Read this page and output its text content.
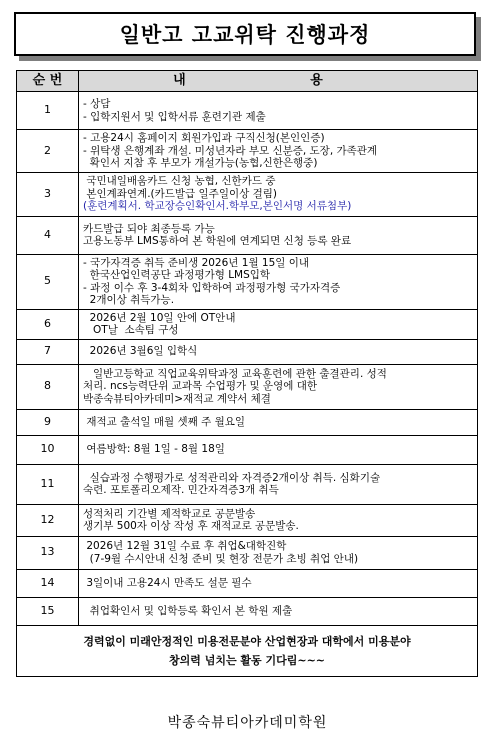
일반고 고교위탁 진행과정
순 번	내 용
1	- 상담
- 입학지원서 및 입학서류 훈련기관 제출

2	- 고용24시 홈페이지 회원가입과 구직신청(본인인증)
- 위탁생 은행계좌 개설. 미성년자라 부모 신분증, 도장, 가족관계
확인서 지참 후 부모가 개설가능(농협,신한은행중)

3	국민내일배움카드 신청 농협, 신한카드 중
본인계좌연계.(카드발급 일주일이상 걸림)
(훈련계획서. 학교장승인확인서.학부모,본인서명 서류첨부)

4	카드발급 되야 최종등록 가능
고용노동부 LMS통하여 본 학원에 연계되면 신청 등록 완료

5	- 국가자격증 취득 준비생 2026년 1월 15일 이내
한국산업인력공단 과정평가형 LMS입학
- 과정 이수 후 3-4회차 입학하여 과정평가형 국가자격증
2개이상 취득가능.

6	2026년 2월 10일 안에 OT안내
OT날  소속팀 구성

7	2026년 3월6일 입학식

8	일반고등학교 직업교육위탁과정 교육훈련에 관한 출결관리. 성적
처리. ncs능력단위 교과목 수업평가 및 운영에 대한
박종숙뷰티아카데미>재적교 계약서 체결

9	재적교 출석일 매월 셋째 주 월요일

10	여름방학: 8월 1일 - 8월 18일

11	실습과정 수행평가로 성적관리와 자격증2개이상 취득. 심화기술
숙련. 포토폴리오제작. 민간자격증3개 취득

12	성적처리 기간별 제적학교로 공문발송
생기부 500자 이상 작성 후 재적교로 공문발송.

13	2026년 12월 31일 수료 후 취업&대학진학
(7-9월 수시안내 신청 준비 및 현장 전문가 초빙 취업 안내)

14	3일이내 고용24시 만족도 설문 필수

15	취업확인서 및 입학등록 확인서 본 학원 제출

경력없이 미래안정적인 미용전문분야 산업현장과 대학에서 미용분야
창의력 넘치는 활동 기다림~~~	
박종숙뷰티아카데미학원
